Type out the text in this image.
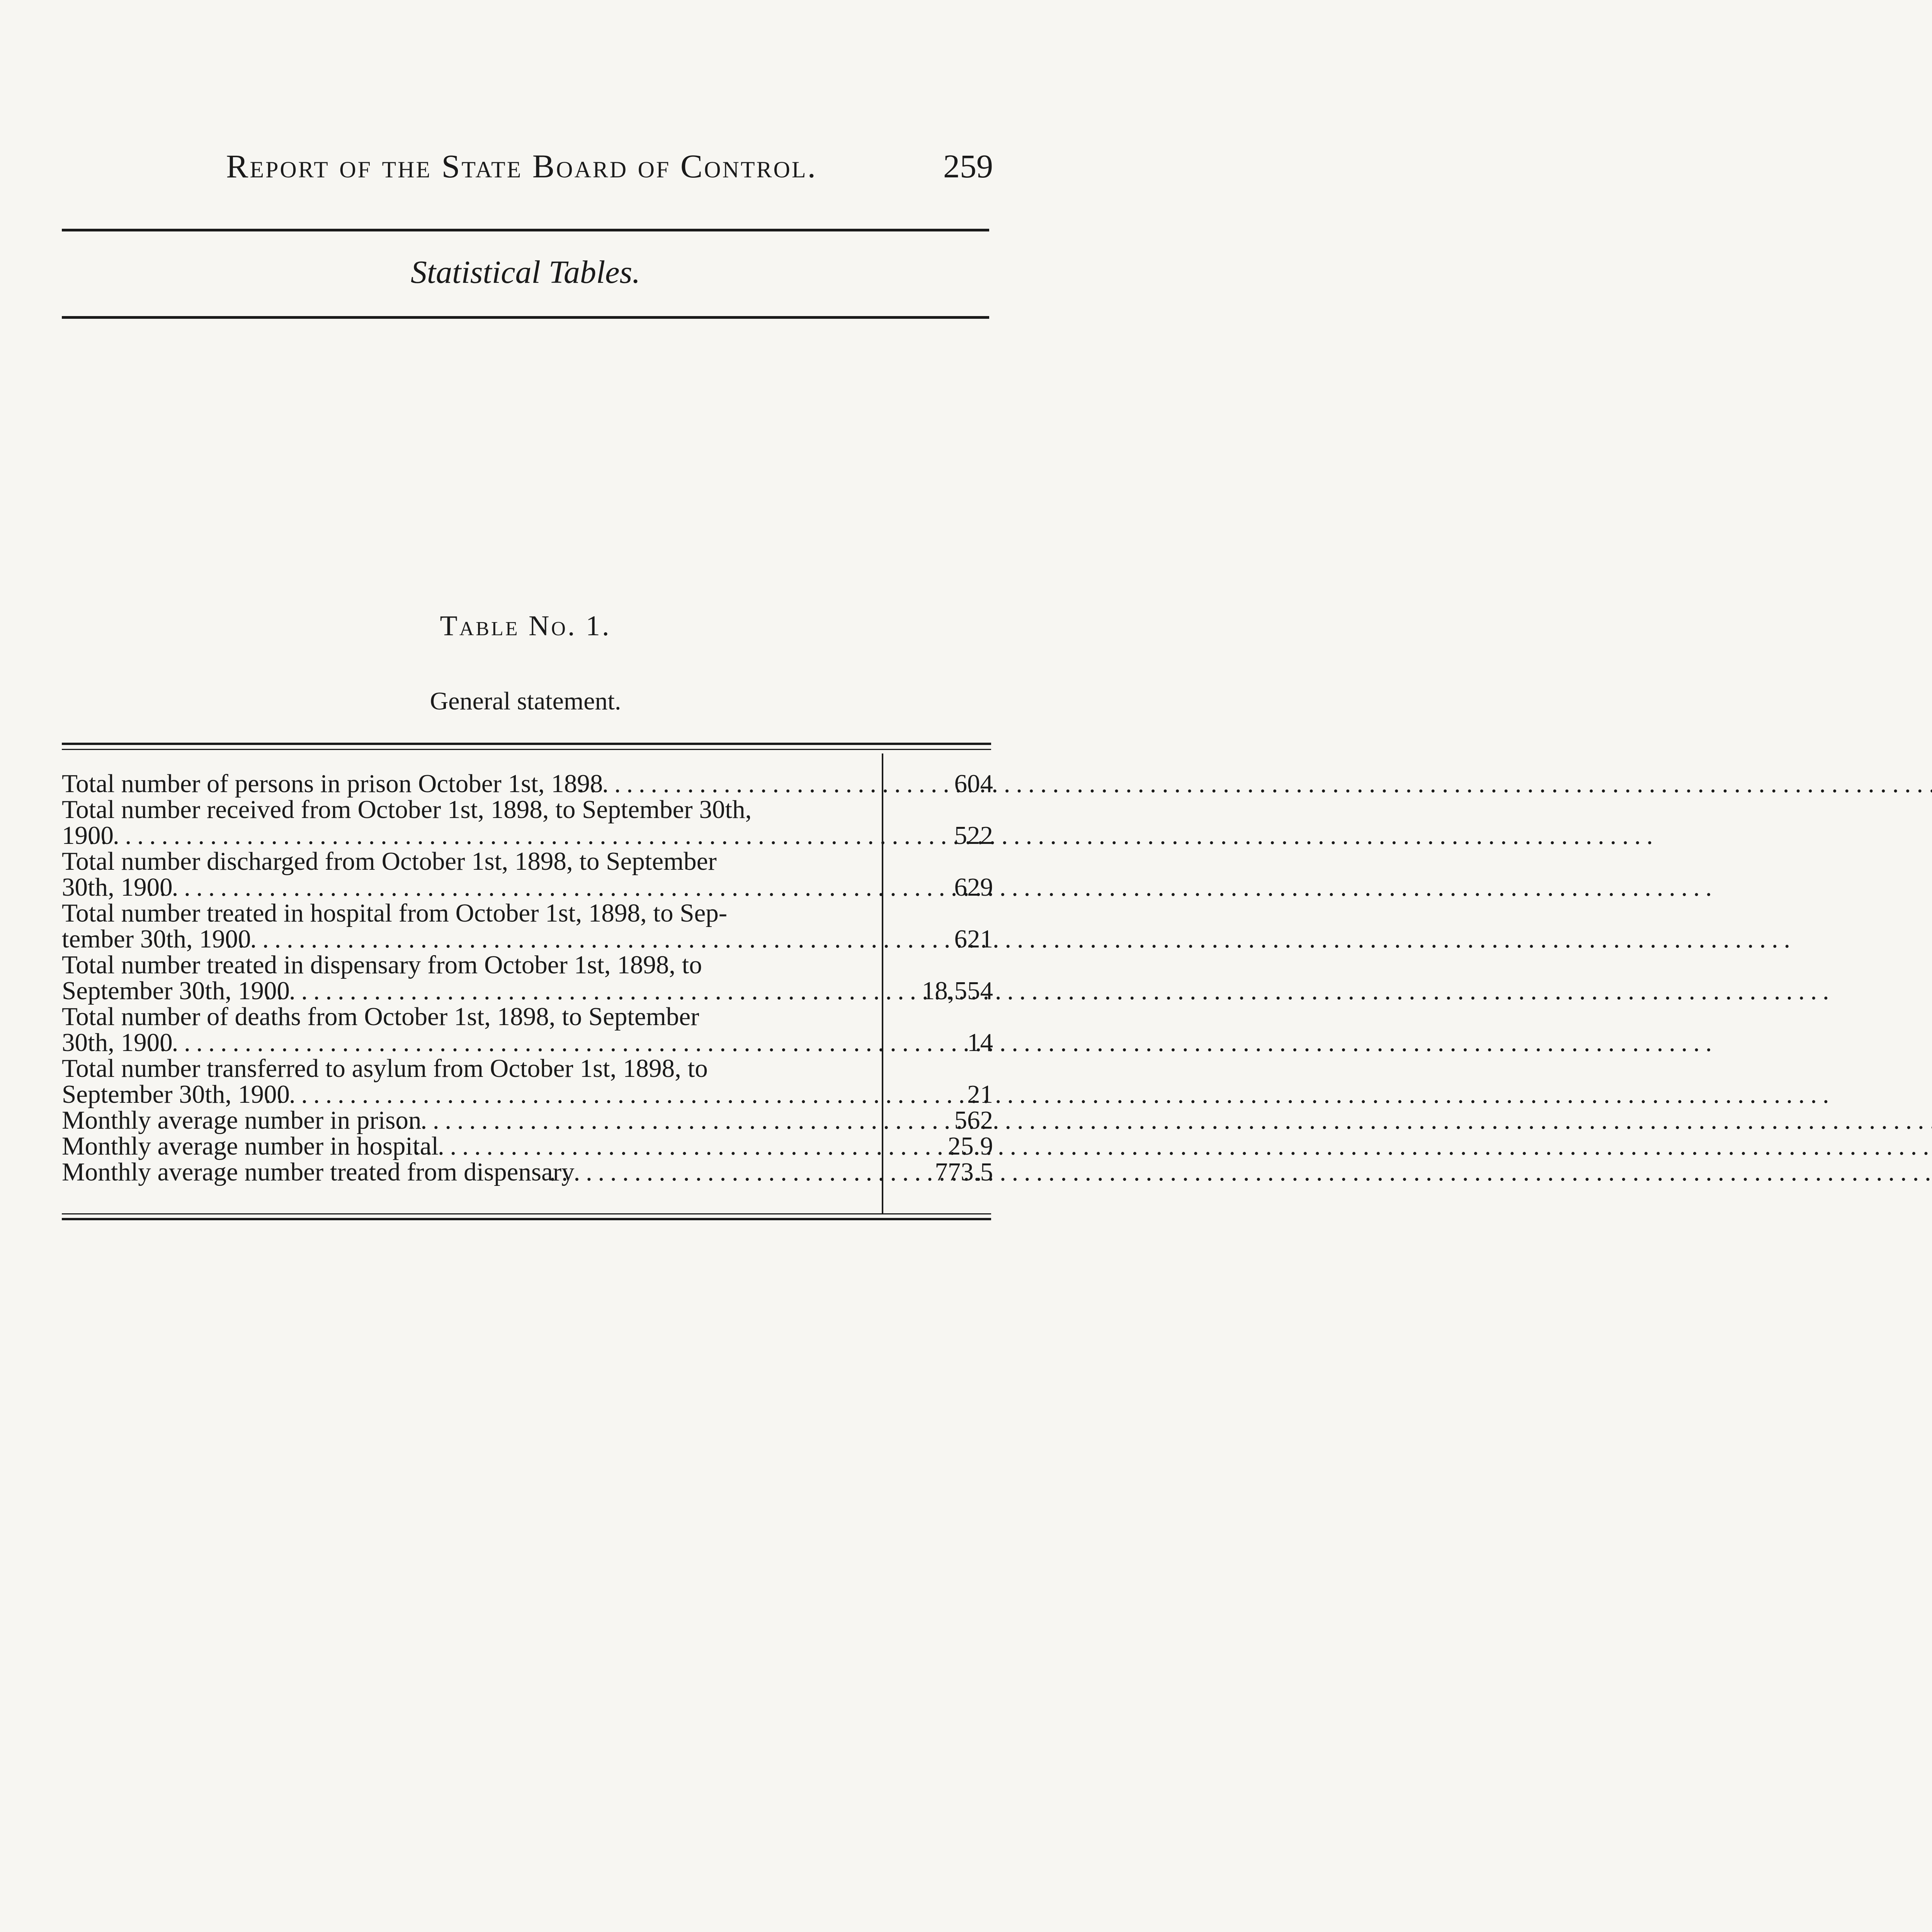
Report of the State Board of Control.	259
Statistical Tables.
Table No. 1.
General statement.
Total number of persons in prison October 1st, 1898 . . .	604
Total number received from October 1st, 1898, to September 30th,
1900 . . .	522
Total number discharged from October 1st, 1898, to September
30th, 1900 . . .	629
Total number treated in hospital from October 1st, 1898, to Sep-
tember 30th, 1900 . . .	621
Total number treated in dispensary from October 1st, 1898, to
September 30th, 1900 . . .	18,554
Total number of deaths from October 1st, 1898, to September
30th, 1900 . . .	14
Total number transferred to asylum from October 1st, 1898, to
September 30th, 1900 . . .	21
Monthly average number in prison . . .	562
Monthly average number in hospital . . .	25.9
Monthly average number treated from dispensary . . .	773.5
